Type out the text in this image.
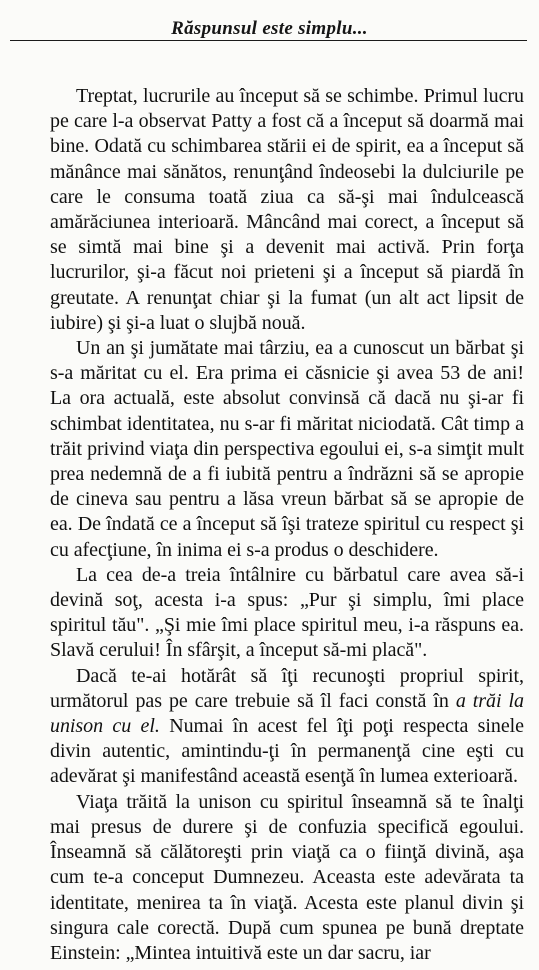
Răspunsul este simplu...

Treptat, lucrurile au început să se schimbe. Primul lucru pe care l-a observat Patty a fost că a început să doarmă mai bine. Odată cu schimbarea stării ei de spirit, ea a început să mănânce mai sănătos, renunţând îndeosebi la dulciurile pe care le consuma toată ziua ca să-şi mai îndulcească amărăciunea interioară. Mâncând mai corect, a început să se simtă mai bine şi a devenit mai activă. Prin forţa lucrurilor, şi-a făcut noi prieteni şi a început să piardă în greutate. A renunţat chiar şi la fumat (un alt act lipsit de iubire) şi şi-a luat o slujbă nouă.

Un an şi jumătate mai târziu, ea a cunoscut un bărbat şi s-a măritat cu el. Era prima ei căsnicie şi avea 53 de ani! La ora actuală, este absolut convinsă că dacă nu şi-ar fi schimbat identitatea, nu s-ar fi măritat niciodată. Cât timp a trăit privind viaţa din perspectiva egoului ei, s-a simţit mult prea nedemnă de a fi iubită pentru a îndrăzni să se apropie de cineva sau pentru a lăsa vreun bărbat să se apropie de ea. De îndată ce a început să îşi trateze spiritul cu respect şi cu afecţiune, în inima ei s-a produs o deschidere.

La cea de-a treia întâlnire cu bărbatul care avea să-i devină soţ, acesta i-a spus: „Pur şi simplu, îmi place spiritul tău". „Şi mie îmi place spiritul meu, i-a răspuns ea. Slavă cerului! În sfârşit, a început să-mi placă".

Dacă te-ai hotărât să îţi recunoşti propriul spirit, următorul pas pe care trebuie să îl faci constă în a trăi la unison cu el. Numai în acest fel îţi poţi respecta sinele divin autentic, amintindu-ţi în permanenţă cine eşti cu adevărat şi manifestând această esenţă în lumea exterioară.

Viaţa trăită la unison cu spiritul înseamnă să te înalţi mai presus de durere şi de confuzia specifică egoului. Înseamnă să călătoreşti prin viaţă ca o fiinţă divină, aşa cum te-a conceput Dumnezeu. Aceasta este adevărata ta identitate, menirea ta în viaţă. Acesta este planul divin şi singura cale corectă. După cum spunea pe bună dreptate Einstein: „Mintea intuitivă este un dar sacru, iar
